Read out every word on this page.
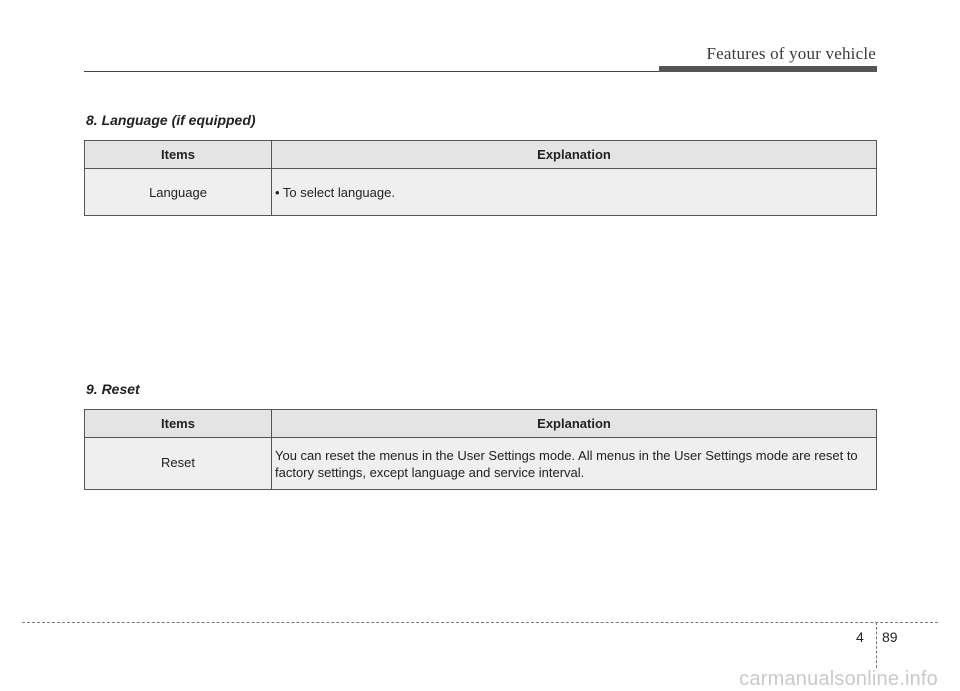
Features of your vehicle
8. Language (if equipped)
Items	Explanation
Language	• To select language.
9. Reset
Items	Explanation
Reset	You can reset the menus in the User Settings mode. All menus in the User Settings mode are reset to factory settings, except language and service interval.
4 89
carmanualsonline.info
